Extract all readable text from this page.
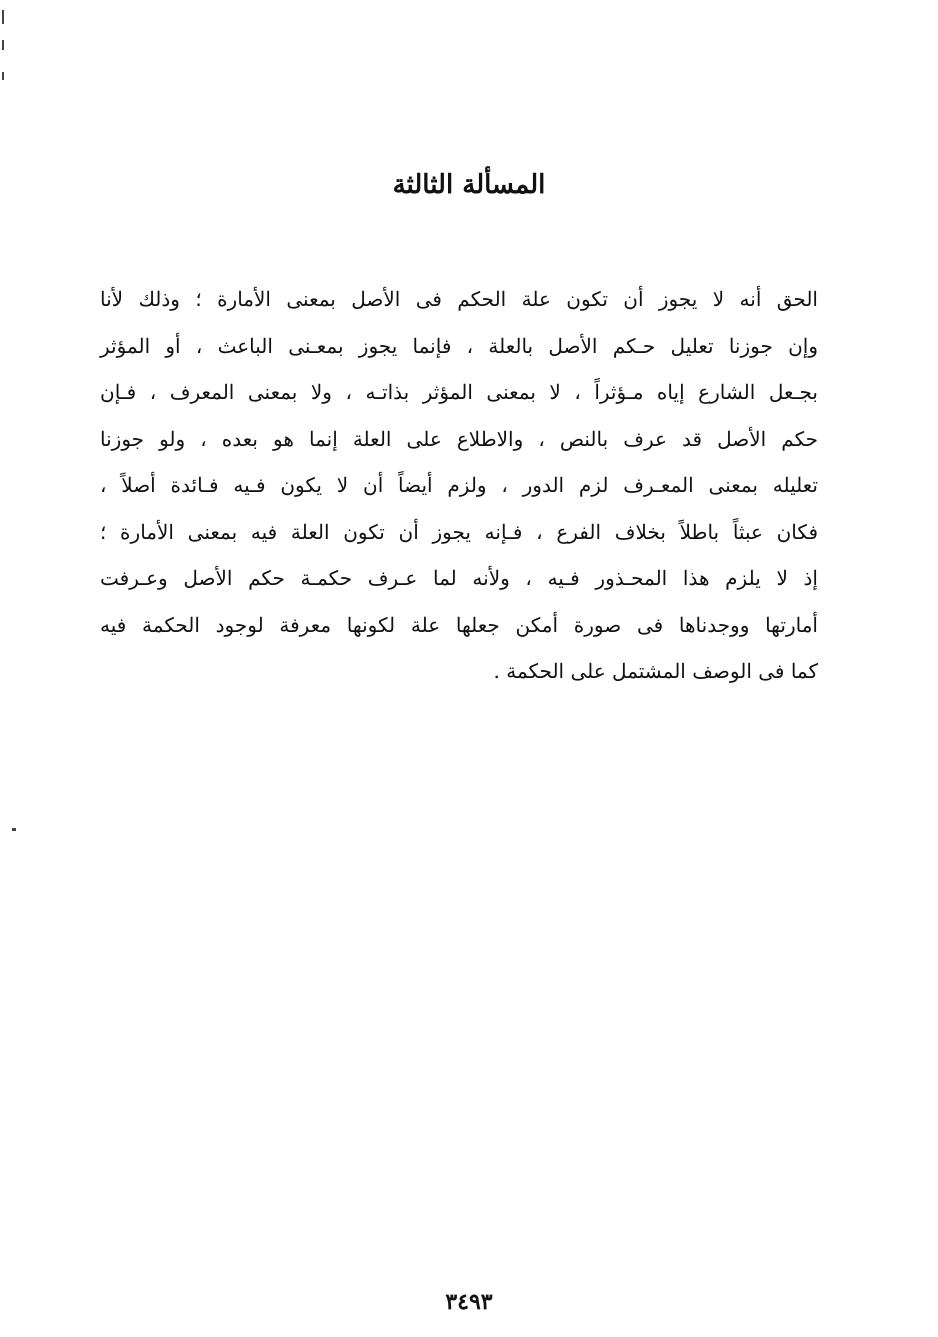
المسألة الثالثة
الحق أنه لا يجوز أن تكون علة الحكم فى الأصل بمعنى الأمارة ؛ وذلك لأنا
وإن جوزنا تعليل حـكم الأصل بالعلة ، فإنما يجوز بمعـنى الباعث ، أو المؤثر
بجـعل الشارع إياه مـؤثراً ، لا بمعنى المؤثر بذاتـه ، ولا بمعنى المعرف ، فـإن
حكم الأصل قد عرف بالنص ، والاطلاع على العلة إنما هو بعده ، ولو جوزنا
تعليله بمعنى المعـرف لزم الدور ، ولزم أيضاً أن لا يكون فـيه فـائدة أصلاً ،
فكان عبثاً باطلاً بخلاف الفرع ، فـإنه يجوز أن تكون العلة فيه بمعنى الأمارة ؛
إذ لا يلزم هذا المحـذور فـيه ، ولأنه لما عـرف حكمـة حكم الأصل وعـرفت
أمارتها ووجدناها فى صورة أمكن جعلها علة لكونها معرفة لوجود الحكمة فيه
كما فى الوصف المشتمل على الحكمة .
٣٤٩٣
